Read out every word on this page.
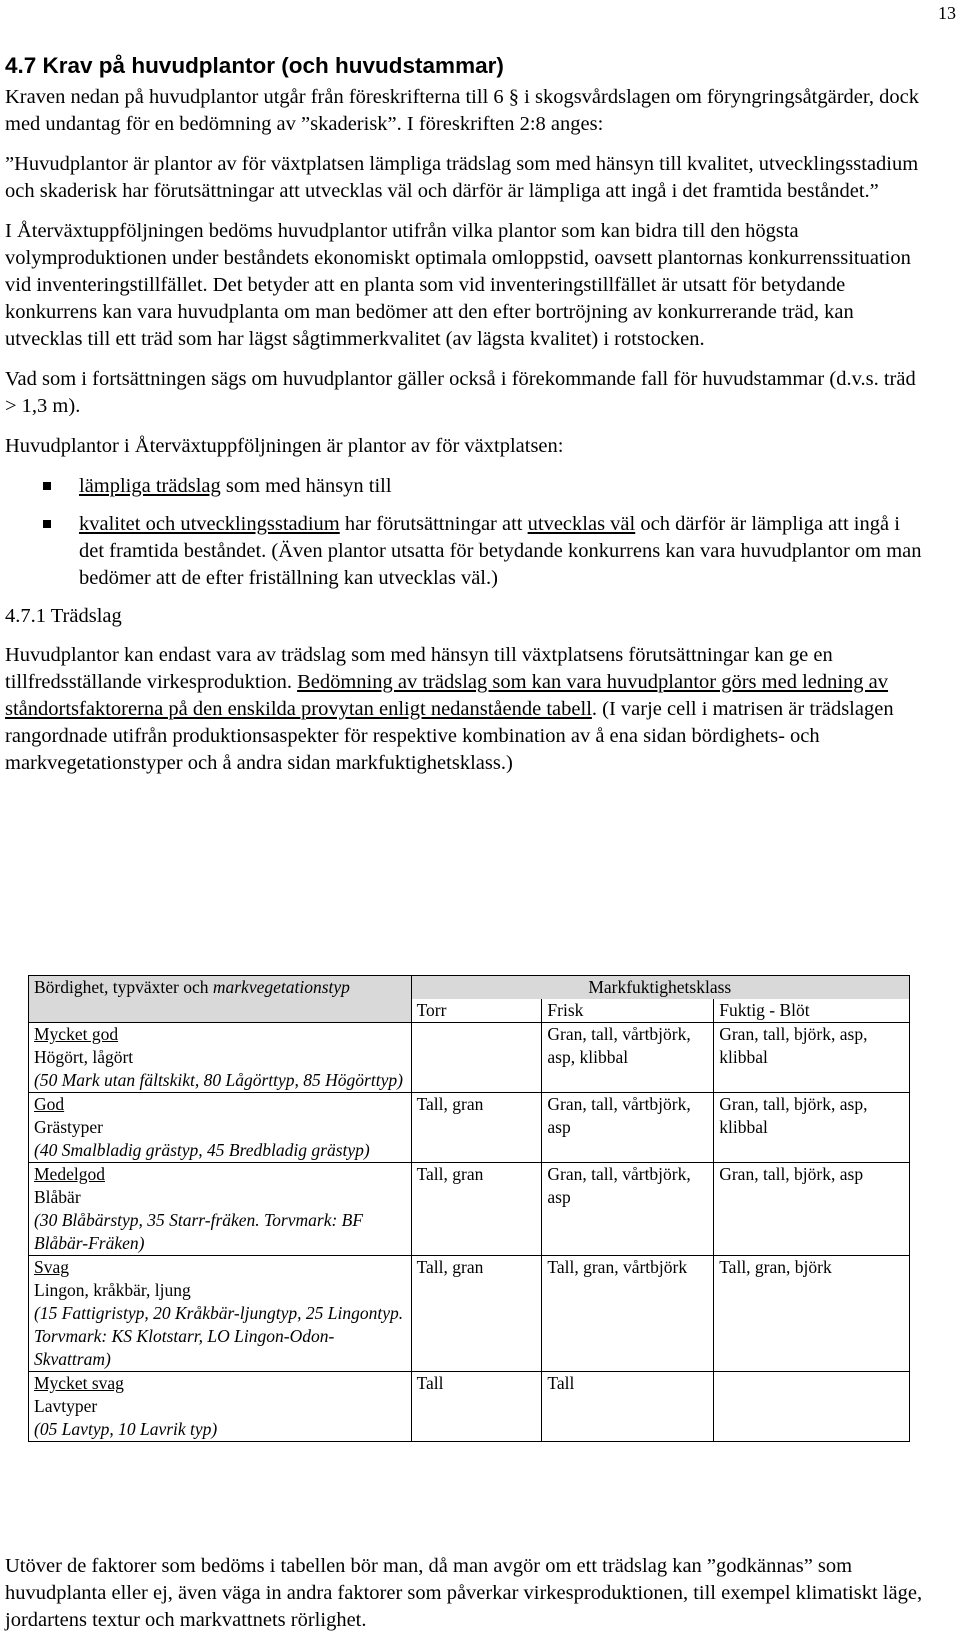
13
4.7 Krav på huvudplantor (och huvudstammar)

Kraven nedan på huvudplantor utgår från föreskrifterna till 6 § i skogsvårdslagen om föryngringsåtgärder, dock med undantag för en bedömning av ”skaderisk”. I föreskriften 2:8 anges:

”Huvudplantor är plantor av för växtplatsen lämpliga trädslag som med hänsyn till kvalitet, utvecklingsstadium och skaderisk har förutsättningar att utvecklas väl och därför är lämpliga att ingå i det framtida beståndet.”

I Återväxtuppföljningen bedöms huvudplantor utifrån vilka plantor som kan bidra till den högsta volymproduktionen under beståndets ekonomiskt optimala omloppstid, oavsett plantornas konkurrenssituation vid inventeringstillfället. Det betyder att en planta som vid inventeringstillfället är utsatt för betydande konkurrens kan vara huvudplanta om man bedömer att den efter bortröjning av konkurrerande träd, kan utvecklas till ett träd som har lägst sågtimmerkvalitet (av lägsta kvalitet) i rotstocken.

Vad som i fortsättningen sägs om huvudplantor gäller också i förekommande fall för huvudstammar (d.v.s. träd > 1,3 m).

Huvudplantor i Återväxtuppföljningen är plantor av för växtplatsen:

lämpliga trädslag som med hänsyn till
kvalitet och utvecklingsstadium har förutsättningar att utvecklas väl och därför är lämpliga att ingå i det framtida beståndet. (Även plantor utsatta för betydande konkurrens kan vara huvudplantor om man bedömer att de efter friställning kan utvecklas väl.)
4.7.1 Trädslag

Huvudplantor kan endast vara av trädslag som med hänsyn till växtplatsens förutsättningar kan ge en tillfredsställande virkesproduktion. Bedömning av trädslag som kan vara huvudplantor görs med ledning av ståndortsfaktorerna på den enskilda provytan enligt nedanstående tabell. (I varje cell i matrisen är trädslagen rangordnade utifrån produktionsaspekter för respektive kombination av å ena sidan bördighets- och markvegetationstyper och å andra sidan markfuktighetsklass.)

Bördighet, typväxter och markvegetationstyp	Markfuktighetsklass		
	Torr	Frisk	Fuktig - Blöt
Mycket god
Högört, lågört
(50 Mark utan fältskikt, 80 Lågörttyp, 85 Högörttyp)		Gran, tall, vårtbjörk, asp, klibbal	Gran, tall, björk, asp, klibbal
God
Grästyper
(40 Smalbladig grästyp, 45 Bredbladig grästyp)	Tall, gran	Gran, tall, vårtbjörk, asp	Gran, tall, björk, asp, klibbal
Medelgod
Blåbär
(30 Blåbärstyp, 35 Starr-fräken. Torvmark: BF Blåbär-Fräken)	Tall, gran	Gran, tall, vårtbjörk, asp	Gran, tall, björk, asp
Svag
Lingon, kråkbär, ljung
(15 Fattigristyp, 20 Kråkbär-ljungtyp, 25 Lingontyp. Torvmark: KS Klotstarr, LO Lingon-Odon-Skvattram)	Tall, gran	Tall, gran, vårtbjörk	Tall, gran, björk
Mycket svag
Lavtyper
(05 Lavtyp, 10 Lavrik typ)	Tall	Tall	

Utöver de faktorer som bedöms i tabellen bör man, då man avgör om ett trädslag kan ”godkännas” som huvudplanta eller ej, även väga in andra faktorer som påverkar virkesproduktionen, till exempel klimatiskt läge, jordartens textur och markvattnets rörlighet.
